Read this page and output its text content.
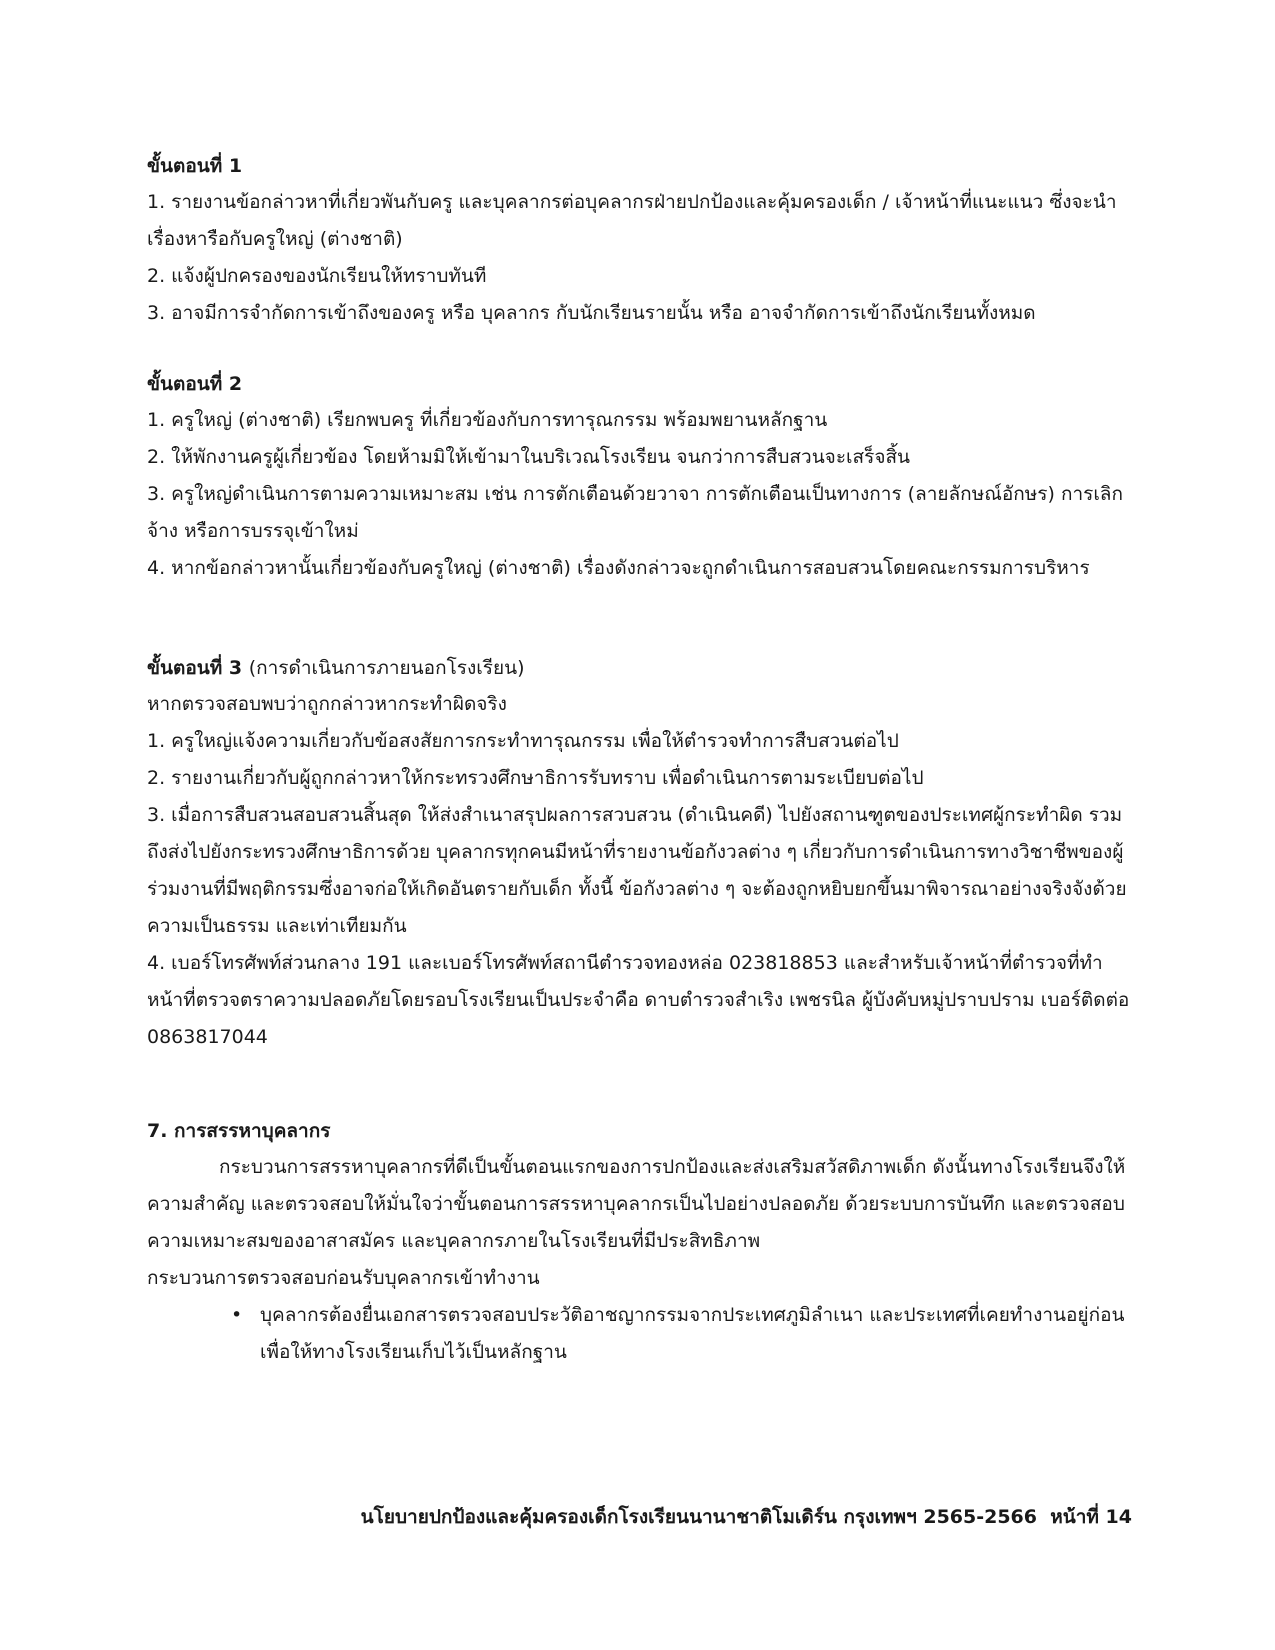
ขั้นตอนที่ 1

1. รายงานข้อกล่าวหาที่เกี่ยวพันกับครู และบุคลากรต่อบุคลากรฝ่ายปกป้องและคุ้มครองเด็ก / เจ้าหน้าที่แนะแนว ซึ่งจะนำเรื่องหารือกับครูใหญ่ (ต่างชาติ)

2. แจ้งผู้ปกครองของนักเรียนให้ทราบทันที

3. อาจมีการจำกัดการเข้าถึงของครู หรือ บุคลากร กับนักเรียนรายนั้น หรือ อาจจำกัดการเข้าถึงนักเรียนทั้งหมด

ขั้นตอนที่ 2

1. ครูใหญ่ (ต่างชาติ) เรียกพบครู ที่เกี่ยวข้องกับการทารุณกรรม พร้อมพยานหลักฐาน

2. ให้พักงานครูผู้เกี่ยวข้อง โดยห้ามมิให้เข้ามาในบริเวณโรงเรียน จนกว่าการสืบสวนจะเสร็จสิ้น

3. ครูใหญ่ดำเนินการตามความเหมาะสม เช่น การตักเตือนด้วยวาจา การตักเตือนเป็นทางการ (ลายลักษณ์อักษร) การเลิกจ้าง หรือการบรรจุเข้าใหม่

4. หากข้อกล่าวหานั้นเกี่ยวข้องกับครูใหญ่ (ต่างชาติ) เรื่องดังกล่าวจะถูกดำเนินการสอบสวนโดยคณะกรรมการบริหาร

ขั้นตอนที่ 3 (การดำเนินการภายนอกโรงเรียน)

หากตรวจสอบพบว่าถูกกล่าวหากระทำผิดจริง

1. ครูใหญ่แจ้งความเกี่ยวกับข้อสงสัยการกระทำทารุณกรรม เพื่อให้ตำรวจทำการสืบสวนต่อไป

2. รายงานเกี่ยวกับผู้ถูกกล่าวหาให้กระทรวงศึกษาธิการรับทราบ เพื่อดำเนินการตามระเบียบต่อไป

3. เมื่อการสืบสวนสอบสวนสิ้นสุด ให้ส่งสำเนาสรุปผลการสวบสวน (ดำเนินคดี) ไปยังสถานฑูตของประเทศผู้กระทำผิด รวมถึงส่งไปยังกระทรวงศึกษาธิการด้วย บุคลากรทุกคนมีหน้าที่รายงานข้อกังวลต่าง ๆ เกี่ยวกับการดำเนินการทางวิชาชีพของผู้ร่วมงานที่มีพฤติกรรมซึ่งอาจก่อให้เกิดอันตรายกับเด็ก ทั้งนี้ ข้อกังวลต่าง ๆ จะต้องถูกหยิบยกขึ้นมาพิจารณาอย่างจริงจังด้วยความเป็นธรรม และเท่าเทียมกัน

4. เบอร์โทรศัพท์ส่วนกลาง 191 และเบอร์โทรศัพท์สถานีตำรวจทองหล่อ 023818853 และสำหรับเจ้าหน้าที่ตำรวจที่ทำหน้าที่ตรวจตราความปลอดภัยโดยรอบโรงเรียนเป็นประจำคือ ดาบตำรวจสำเริง เพชรนิล ผู้บังคับหมู่ปราบปราม เบอร์ติดต่อ 0863817044

7. การสรรหาบุคลากร

กระบวนการสรรหาบุคลากรที่ดีเป็นขั้นตอนแรกของการปกป้องและส่งเสริมสวัสดิภาพเด็ก ดังนั้นทางโรงเรียนจึงให้ความสำคัญ และตรวจสอบให้มั่นใจว่าขั้นตอนการสรรหาบุคลากรเป็นไปอย่างปลอดภัย ด้วยระบบการบันทึก และตรวจสอบความเหมาะสมของอาสาสมัคร และบุคลากรภายในโรงเรียนที่มีประสิทธิภาพ

กระบวนการตรวจสอบก่อนรับบุคลากรเข้าทำงาน

• บุคลากรต้องยื่นเอกสารตรวจสอบประวัติอาชญากรรมจากประเทศภูมิลำเนา และประเทศที่เคยทำงานอยู่ก่อน เพื่อให้ทางโรงเรียนเก็บไว้เป็นหลักฐาน
นโยบายปกป้องและคุ้มครองเด็กโรงเรียนนานาชาติโมเดิร์น กรุงเทพฯ 2565-2566 หน้าที่ 14
